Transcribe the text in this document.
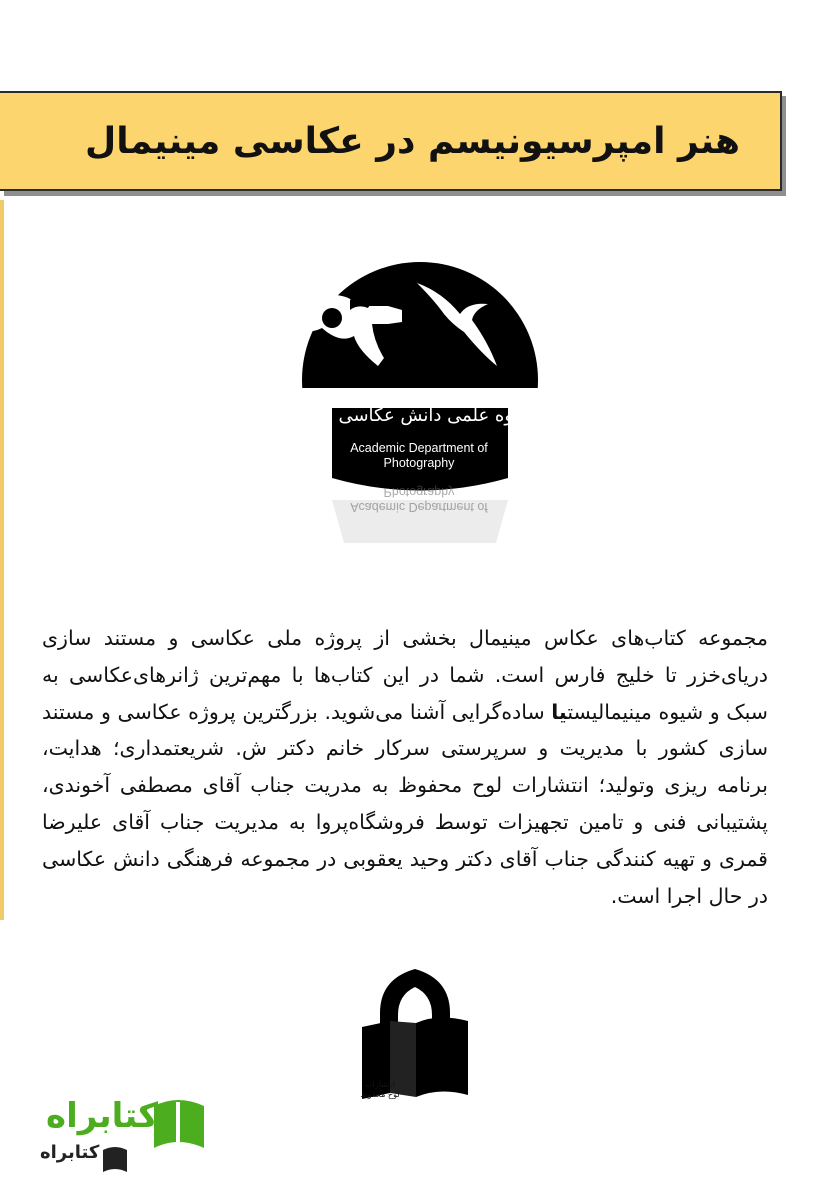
هنر امپرسیونیسم در عکاسی مینیمال
گروه علمی دانش عکاسی
Academic Department of
Photography
Academic Department of
Photography

مجموعه کتاب‌های عکاس مینیمال بخشی از پروژه ملی عکاسی و مستند سازی دریای‌خزر تا خلیج فارس است. شما در این کتاب‌ها با مهم‌ترین ژانرهای‌عکاسی به سبک و شیوه مینیمالیستیا ساده‌گرایی آشنا می‌شوید. بزرگترین پروژه عکاسی و مستند سازی کشور با مدیریت و سرپرستی سرکار خانم دکتر ش. شریعتمداری؛ هدایت، برنامه ریزی وتولید؛ انتشارات لوح محفوظ به مدریت جناب آقای مصطفی آخوندی، پشتیبانی فنی و تامین تجهیزات توسط فروشگاه‌پروا به مدیریت جناب آقای علیرضا قمری و تهیه کنندگی جناب آقای دکتر وحید یعقوبی در مجموعه فرهنگی دانش عکاسی در حال اجرا است.

انتشارات
لوح محفوظ
کتابراه
کتابراه
